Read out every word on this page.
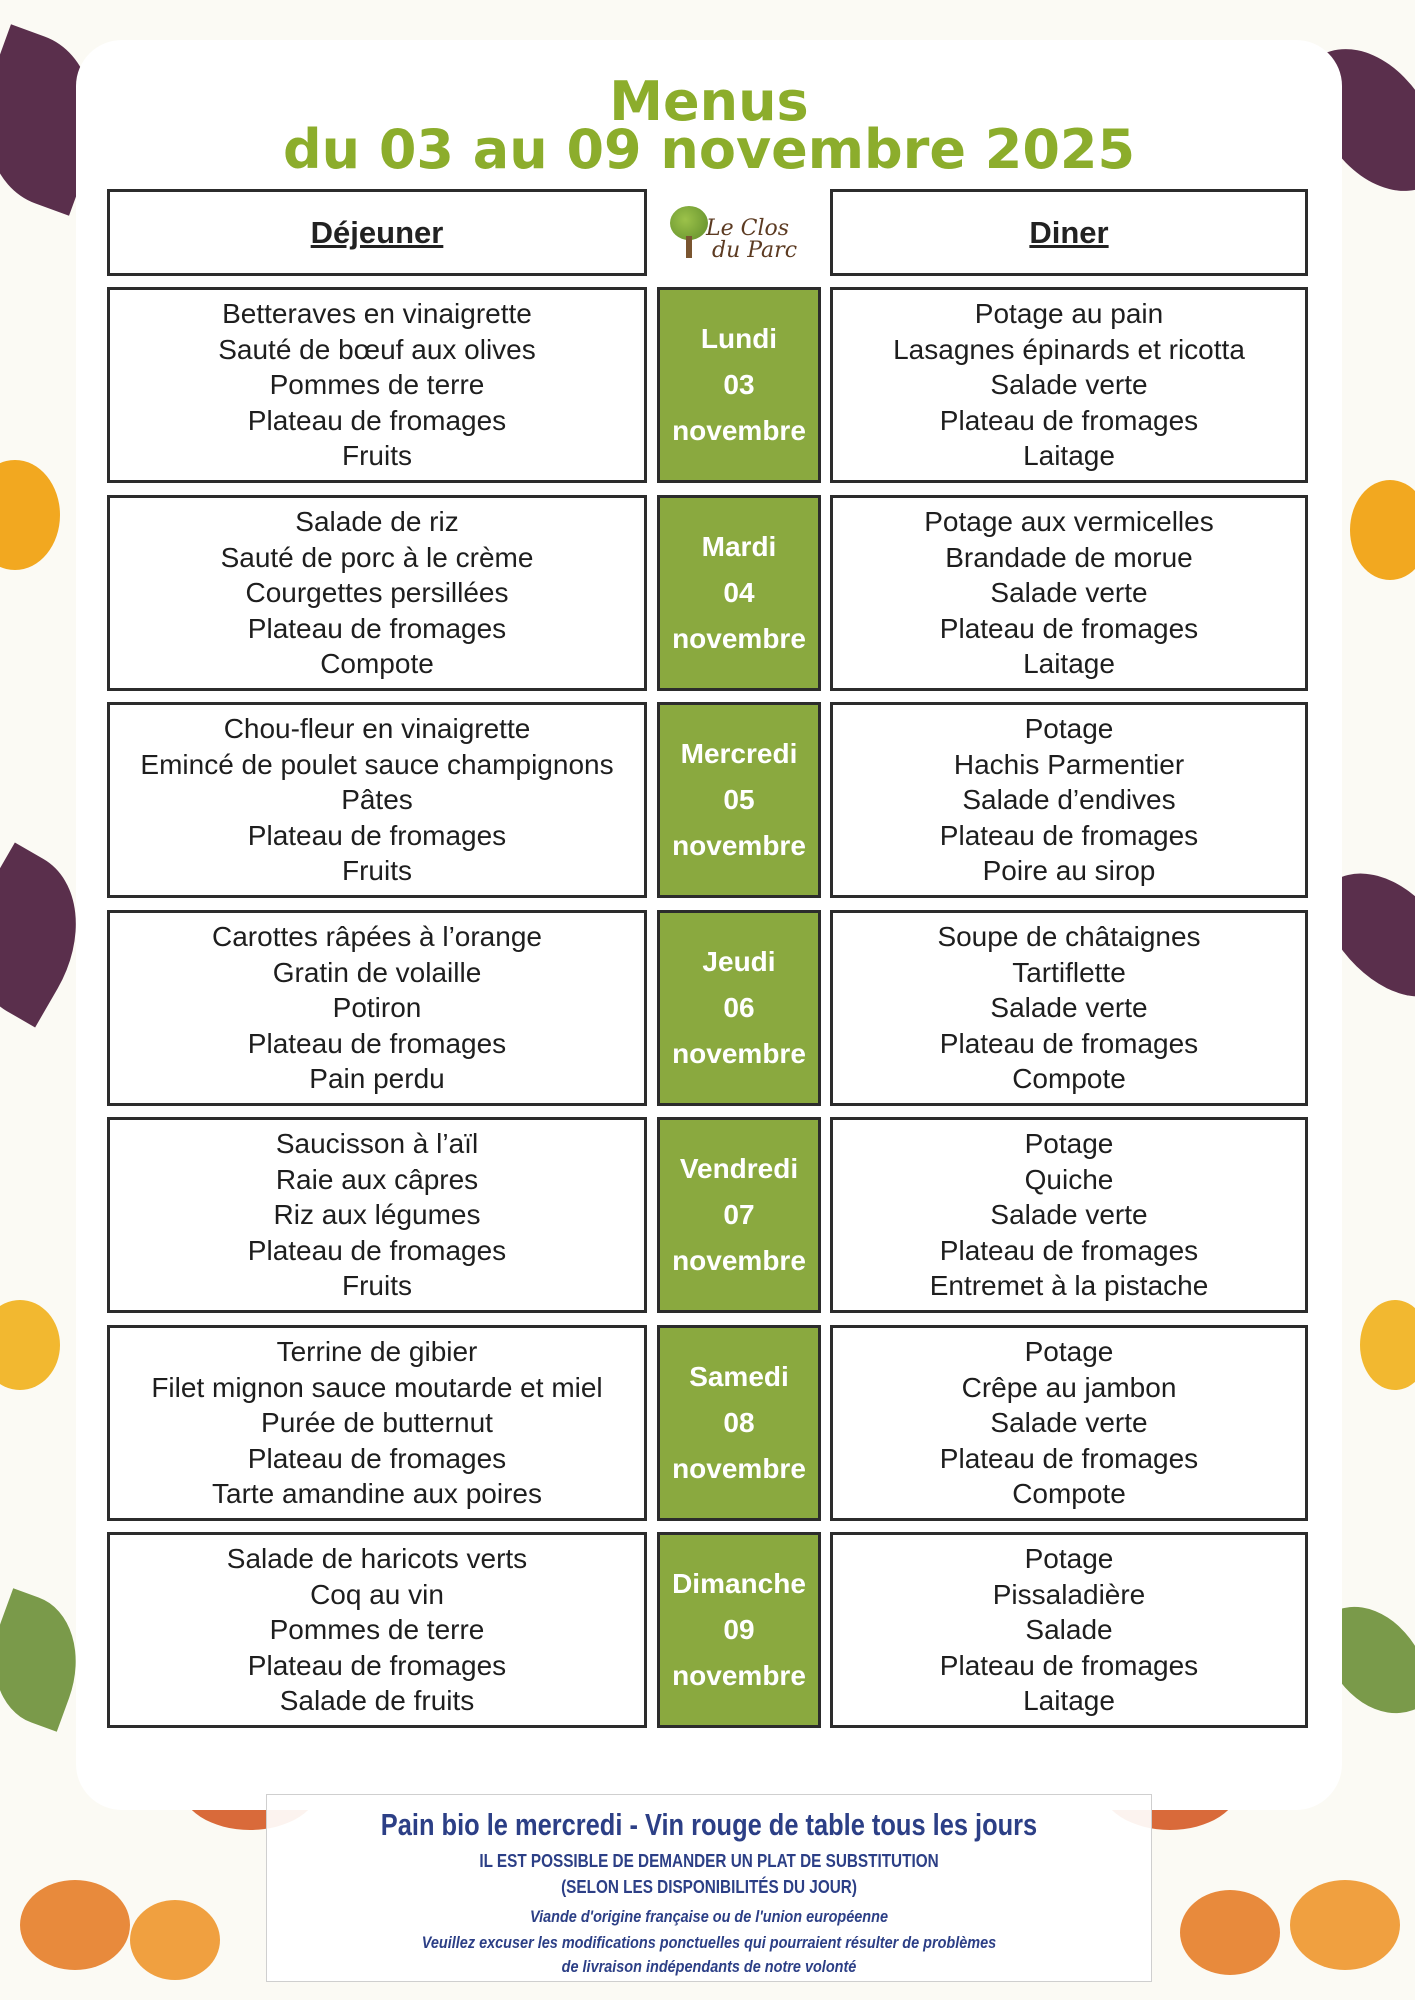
Menus
du 03 au 09 novembre 2025
Déjeuner	Diner
Le Clos
du Parc
Betteraves en vinaigrette
Sauté de bœuf aux olives
Pommes de terre
Plateau de fromages
Fruits
Lundi
03
novembre
Potage au pain
Lasagnes épinards et ricotta
Salade verte
Plateau de fromages
Laitage
Salade de riz
Sauté de porc à le crème
Courgettes persillées
Plateau de fromages
Compote
Mardi
04
novembre
Potage aux vermicelles
Brandade de morue
Salade verte
Plateau de fromages
Laitage
Chou-fleur en vinaigrette
Emincé de poulet sauce champignons
Pâtes
Plateau de fromages
Fruits
Mercredi
05
novembre
Potage
Hachis Parmentier
Salade d’endives
Plateau de fromages
Poire au sirop
Carottes râpées à l’orange
Gratin de volaille
Potiron
Plateau de fromages
Pain perdu
Jeudi
06
novembre
Soupe de châtaignes
Tartiflette
Salade verte
Plateau de fromages
Compote
Saucisson à l’aïl
Raie aux câpres
Riz aux légumes
Plateau de fromages
Fruits
Vendredi
07
novembre
Potage
Quiche
Salade verte
Plateau de fromages
Entremet à la pistache
Terrine de gibier
Filet mignon sauce moutarde et miel
Purée de butternut
Plateau de fromages
Tarte amandine aux poires
Samedi
08
novembre
Potage
Crêpe au jambon
Salade verte
Plateau de fromages
Compote
Salade de haricots verts
Coq au vin
Pommes de terre
Plateau de fromages
Salade de fruits
Dimanche
09
novembre
Potage
Pissaladière
Salade
Plateau de fromages
Laitage
Pain bio le mercredi - Vin rouge de table tous les jours
IL EST POSSIBLE DE DEMANDER UN PLAT DE SUBSTITUTION
(SELON LES DISPONIBILITÉS DU JOUR)
Viande d'origine française ou de l'union européenne
Veuillez excuser les modifications ponctuelles qui pourraient résulter de problèmes
de livraison indépendants de notre volonté
